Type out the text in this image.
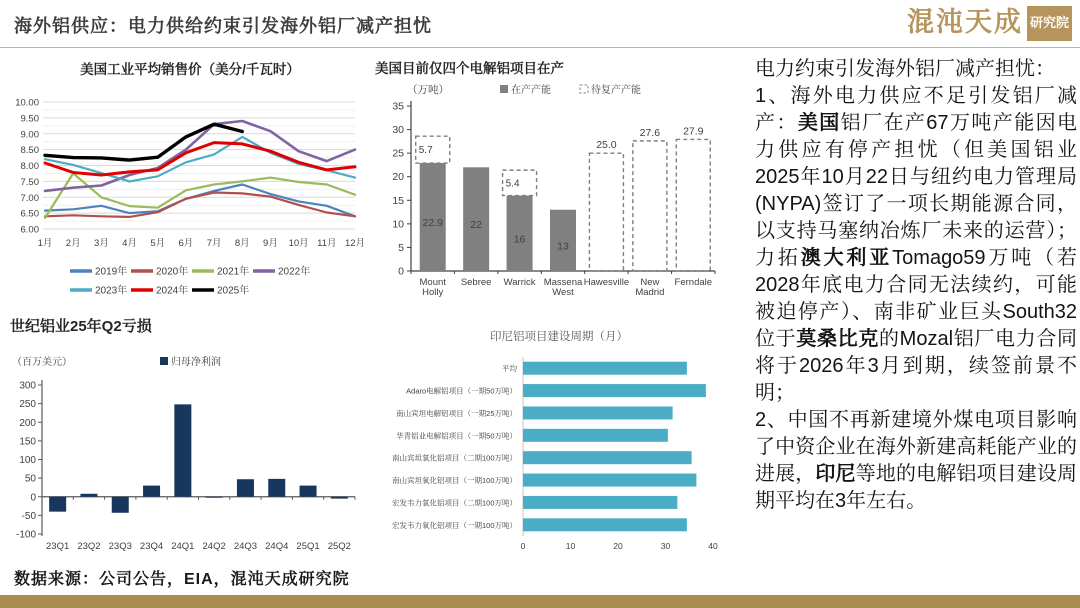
海外铝供应：电力供给约束引发海外铝厂减产担忧	混沌天成 研究院
美国工业平均销售价（美分/千瓦时）
6.00
6.50
7.00
7.50
8.00
8.50
9.00
9.50
10.00
1月 2月 3月 4月 5月 6月 7月 8月 9月 10月 11月 12月
2019年	2020年	2021年	2022年
2023年	2024年	2025年
美国目前仅四个电解铝项目在产
0
5
10
15
20
25
30
35
（万吨）	在产产能	待复产产能
22.9
5.7
Mount
Holly
22
Sebree
16
5.4
Warrick
13
Massena
West
25.0
Hawesville
27.6
New
Madrid
27.9
Ferndale
世纪铝业25年Q2亏损
-100
-50
0
50
100
150
200
250
300
（百万美元）	归母净利润
23Q1 23Q2 23Q3 23Q4 24Q1 24Q2 24Q3 24Q4 25Q1 25Q2
印尼铝项目建设周期（月）
平均
Adaro电解铝项目（一期50万吨）
南山宾坦电解铝项目（一期25万吨）
华青铝业电解铝项目（一期50万吨）
南山宾坦氧化铝项目（二期100万吨）
南山宾坦氧化铝项目（一期100万吨）
宏发韦力氧化铝项目（二期100万吨）
宏发韦力氧化铝项目（一期100万吨）
0	10	20	30	40

电力约束引发海外铝厂减产担忧：

1、海外电力供应不足引发铝厂减产：美国铝厂在产67万吨产能因电力供应有停产担忧（但美国铝业2025年10月22日与纽约电力管理局(NYPA)签订了一项长期能源合同，以支持马塞纳冶炼厂未来的运营）；力拓澳大利亚Tomago59万吨（若2028年底电力合同无法续约，可能被迫停产）、南非矿业巨头South32位于莫桑比克的Mozal铝厂电力合同将于2026年3月到期，续签前景不明；

2、中国不再新建境外煤电项目影响了中资企业在海外新建高耗能产业的进展，印尼等地的电解铝项目建设周期平均在3年左右。

数据来源：公司公告，EIA，混沌天成研究院
